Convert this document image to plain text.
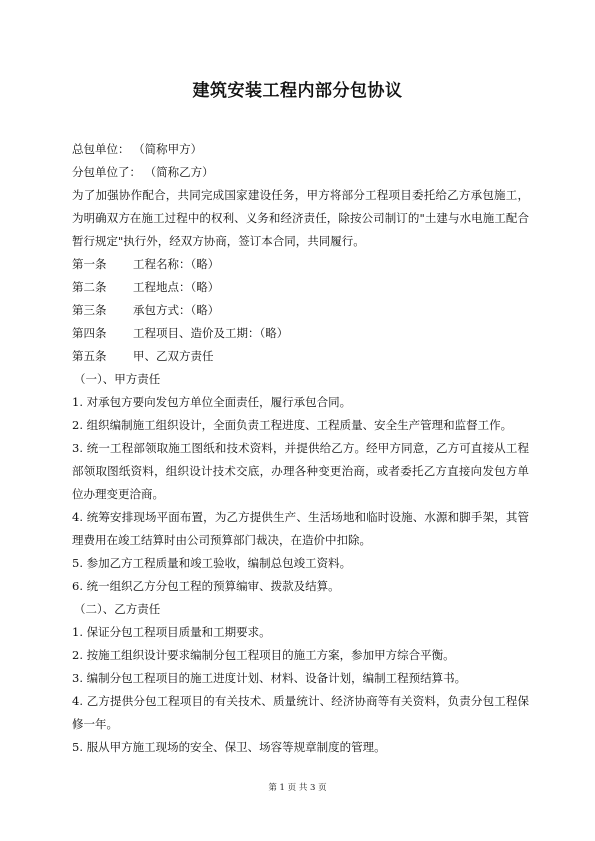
建筑安装工程内部分包协议
总包单位： （简称甲方）
分包单位了： （简称乙方）
为了加强协作配合，共同完成国家建设任务，甲方将部分工程项目委托给乙方承包施工，为明确双方在施工过程中的权利、义务和经济责任，除按公司制订的"土建与水电施工配合暂行规定"执行外，经双方协商，签订本合同，共同履行。
第一条	工程名称：（略）
第二条	工程地点：（略）
第三条	承包方式：（略）
第四条	工程项目、造价及工期：（略）
第五条	甲、乙双方责任
（一）、甲方责任
1. 对承包方要向发包方单位全面责任，履行承包合同。
2. 组织编制施工组织设计，全面负责工程进度、工程质量、安全生产管理和监督工作。
3. 统一工程部领取施工图纸和技术资料，并提供给乙方。经甲方同意，乙方可直接从工程部领取图纸资料，组织设计技术交底，办理各种变更治商，或者委托乙方直接向发包方单位办理变更洽商。
4. 统筹安排现场平面布置，为乙方提供生产、生活场地和临时设施、水源和脚手架，其管理费用在竣工结算时由公司预算部门裁决，在造价中扣除。
5. 参加乙方工程质量和竣工验收，编制总包竣工资料。
6. 统一组织乙方分包工程的预算编审、拨款及结算。
（二）、乙方责任
1. 保证分包工程项目质量和工期要求。
2. 按施工组织设计要求编制分包工程项目的施工方案，参加甲方综合平衡。
3. 编制分包工程项目的施工进度计划、材料、设备计划，编制工程预结算书。
4. 乙方提供分包工程项目的有关技术、质量统计、经济协商等有关资料，负责分包工程保修一年。
5. 服从甲方施工现场的安全、保卫、场容等规章制度的管理。
第 1 页 共 3 页
